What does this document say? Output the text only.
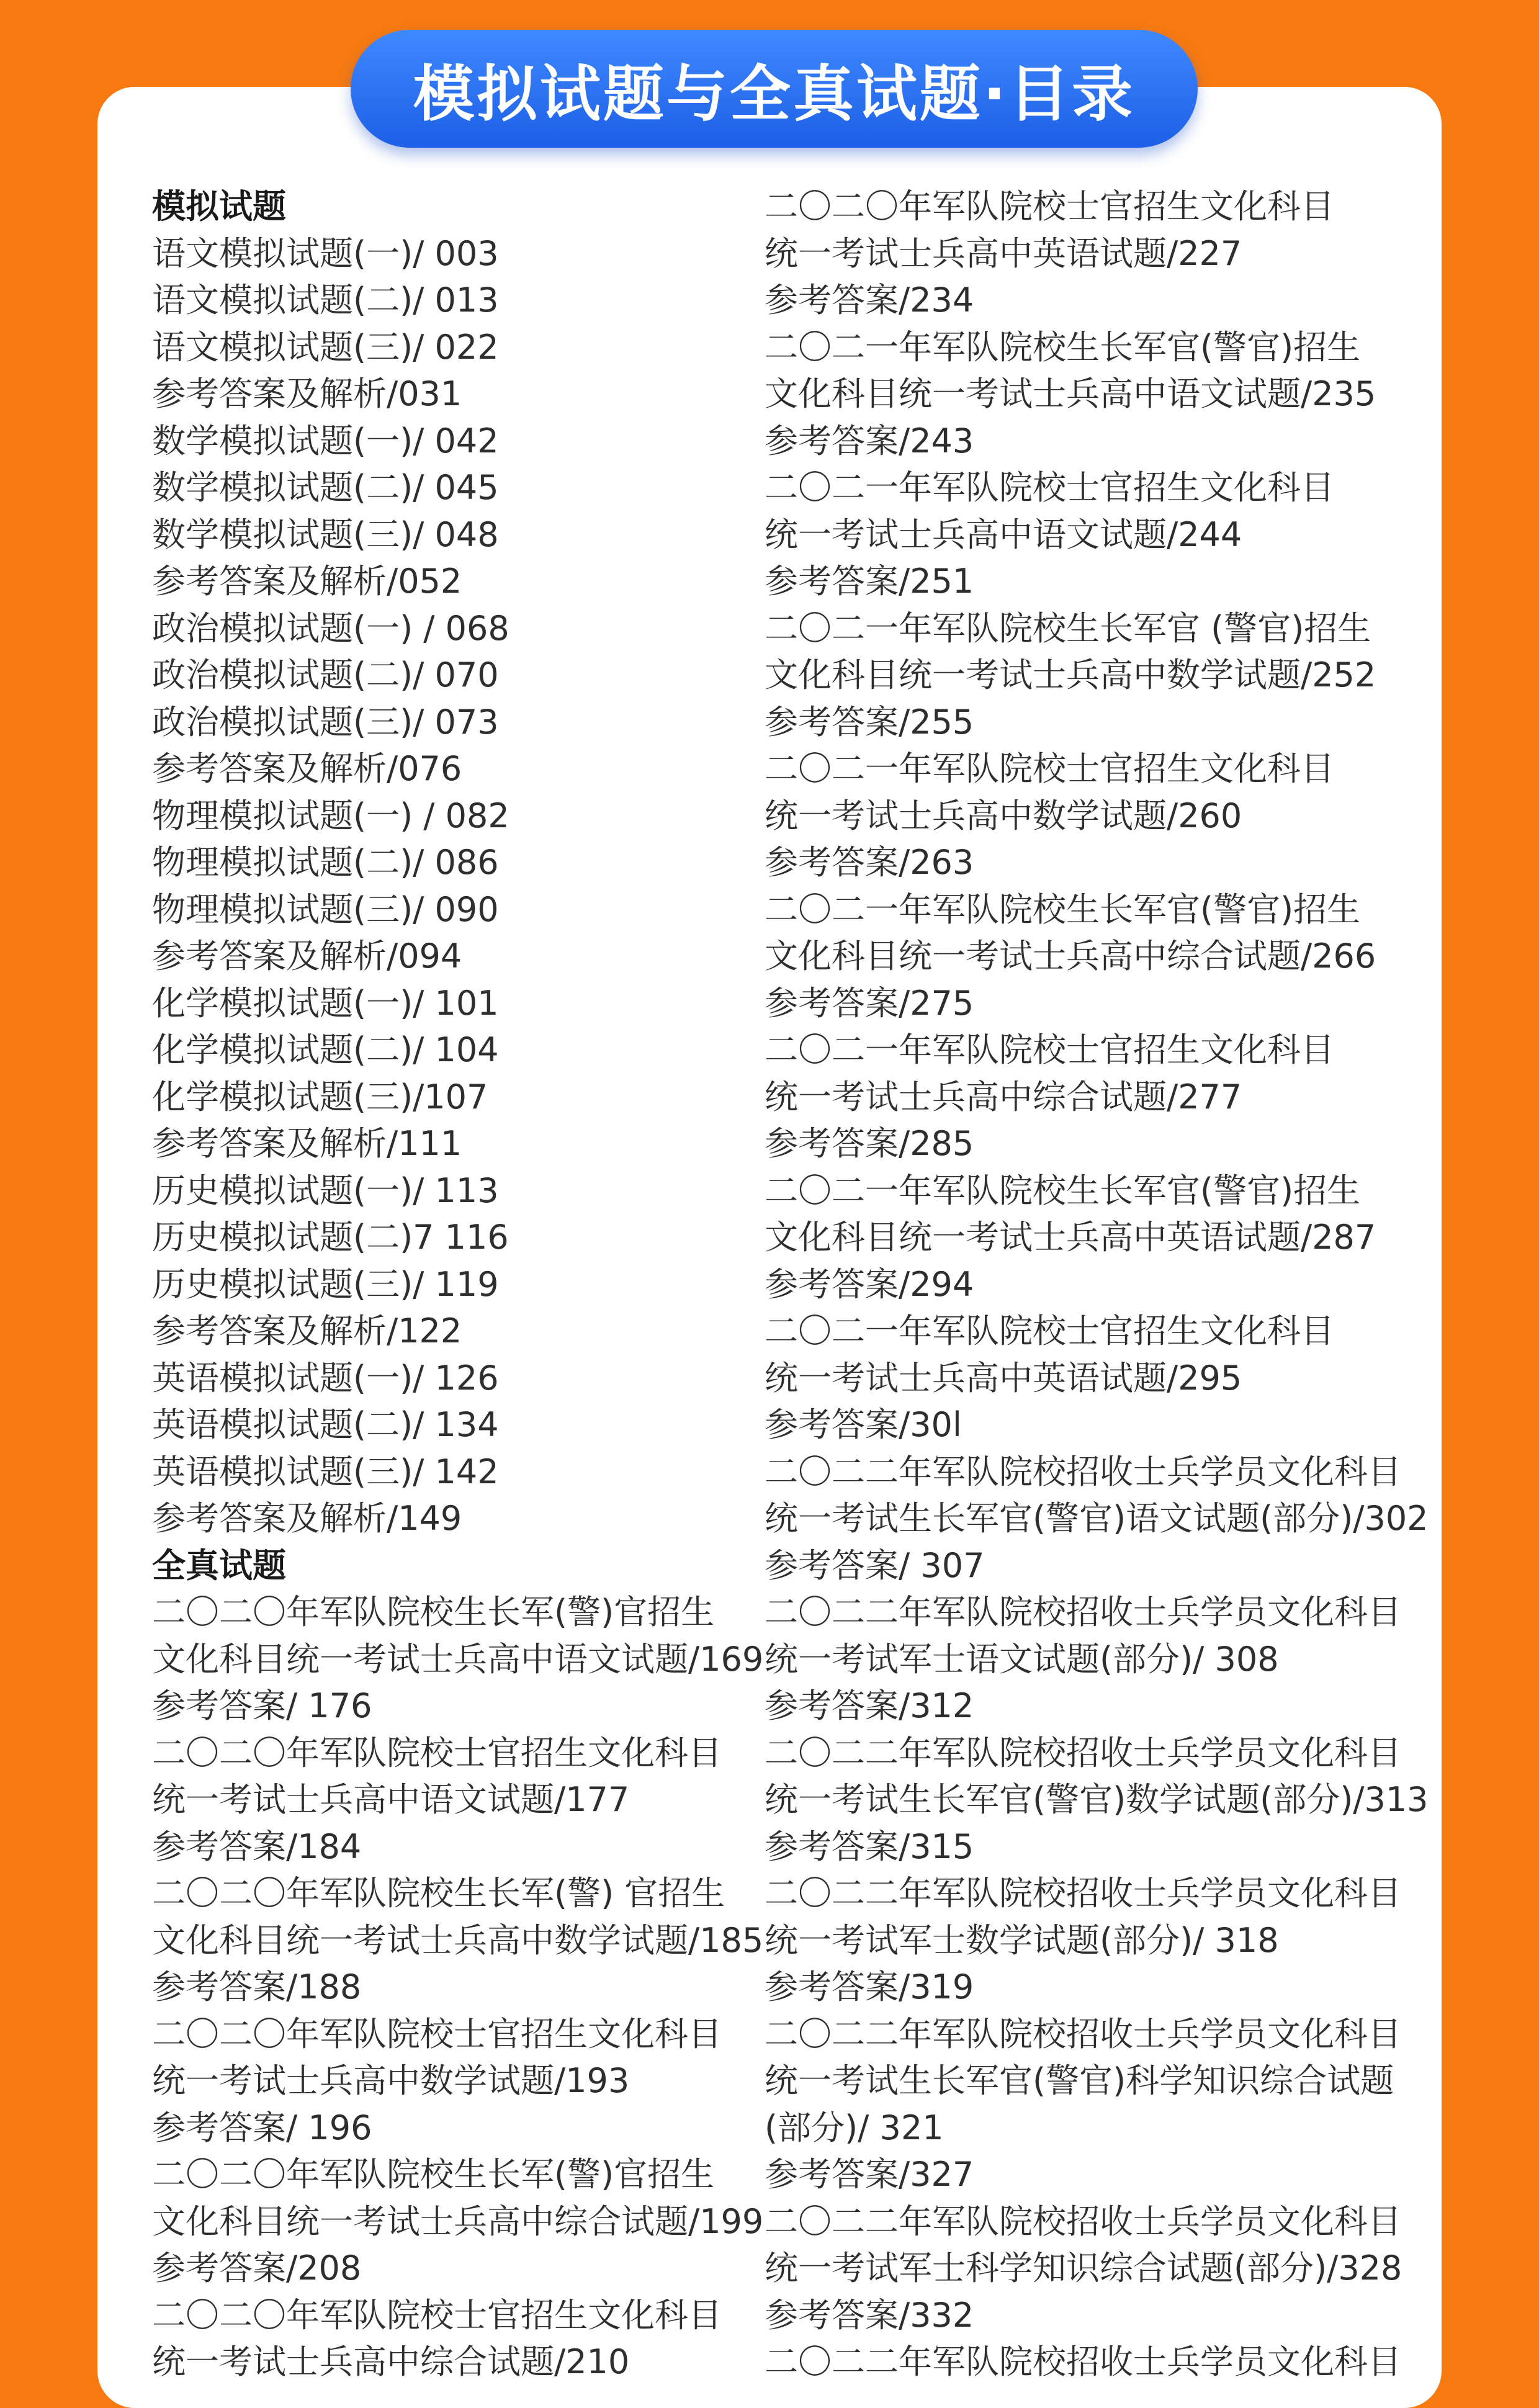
模拟试题与全真试题·目录
模拟试题
语文模拟试题(一)/ 003
语文模拟试题(二)/ 013
语文模拟试题(三)/ 022
参考答案及解析/031
数学模拟试题(一)/ 042
数学模拟试题(二)/ 045
数学模拟试题(三)/ 048
参考答案及解析/052
政治模拟试题(一) / 068
政治模拟试题(二)/ 070
政治模拟试题(三)/ 073
参考答案及解析/076
物理模拟试题(一) / 082
物理模拟试题(二)/ 086
物理模拟试题(三)/ 090
参考答案及解析/094
化学模拟试题(一)/ 101
化学模拟试题(二)/ 104
化学模拟试题(三)/107
参考答案及解析/111
历史模拟试题(一)/ 113
历史模拟试题(二)7 116
历史模拟试题(三)/ 119
参考答案及解析/122
英语模拟试题(一)/ 126
英语模拟试题(二)/ 134
英语模拟试题(三)/ 142
参考答案及解析/149
全真试题
二〇二〇年军队院校生长军(警)官招生
文化科目统一考试士兵高中语文试题/169
参考答案/ 176
二〇二〇年军队院校士官招生文化科目
统一考试士兵高中语文试题/177
参考答案/184
二〇二〇年军队院校生长军(警) 官招生
文化科目统一考试士兵高中数学试题/185
参考答案/188
二〇二〇年军队院校士官招生文化科目
统一考试士兵高中数学试题/193
参考答案/ 196
二〇二〇年军队院校生长军(警)官招生
文化科目统一考试士兵高中综合试题/199
参考答案/208
二〇二〇年军队院校士官招生文化科目
统一考试士兵高中综合试题/210
二〇二〇年军队院校士官招生文化科目
统一考试士兵高中英语试题/227
参考答案/234
二〇二一年军队院校生长军官(警官)招生
文化科目统一考试士兵高中语文试题/235
参考答案/243
二〇二一年军队院校士官招生文化科目
统一考试士兵高中语文试题/244
参考答案/251
二〇二一年军队院校生长军官 (警官)招生
文化科目统一考试士兵高中数学试题/252
参考答案/255
二〇二一年军队院校士官招生文化科目
统一考试士兵高中数学试题/260
参考答案/263
二〇二一年军队院校生长军官(警官)招生
文化科目统一考试士兵高中综合试题/266
参考答案/275
二〇二一年军队院校士官招生文化科目
统一考试士兵高中综合试题/277
参考答案/285
二〇二一年军队院校生长军官(警官)招生
文化科目统一考试士兵高中英语试题/287
参考答案/294
二〇二一年军队院校士官招生文化科目
统一考试士兵高中英语试题/295
参考答案/30l
二〇二二年军队院校招收士兵学员文化科目
统一考试生长军官(警官)语文试题(部分)/302
参考答案/ 307
二〇二二年军队院校招收士兵学员文化科目
统一考试军士语文试题(部分)/ 308
参考答案/312
二〇二二年军队院校招收士兵学员文化科目
统一考试生长军官(警官)数学试题(部分)/313
参考答案/315
二〇二二年军队院校招收士兵学员文化科目
统一考试军士数学试题(部分)/ 318
参考答案/319
二〇二二年军队院校招收士兵学员文化科目
统一考试生长军官(警官)科学知识综合试题
(部分)/ 321
参考答案/327
二〇二二年军队院校招收士兵学员文化科目
统一考试军士科学知识综合试题(部分)/328
参考答案/332
二〇二二年军队院校招收士兵学员文化科目
